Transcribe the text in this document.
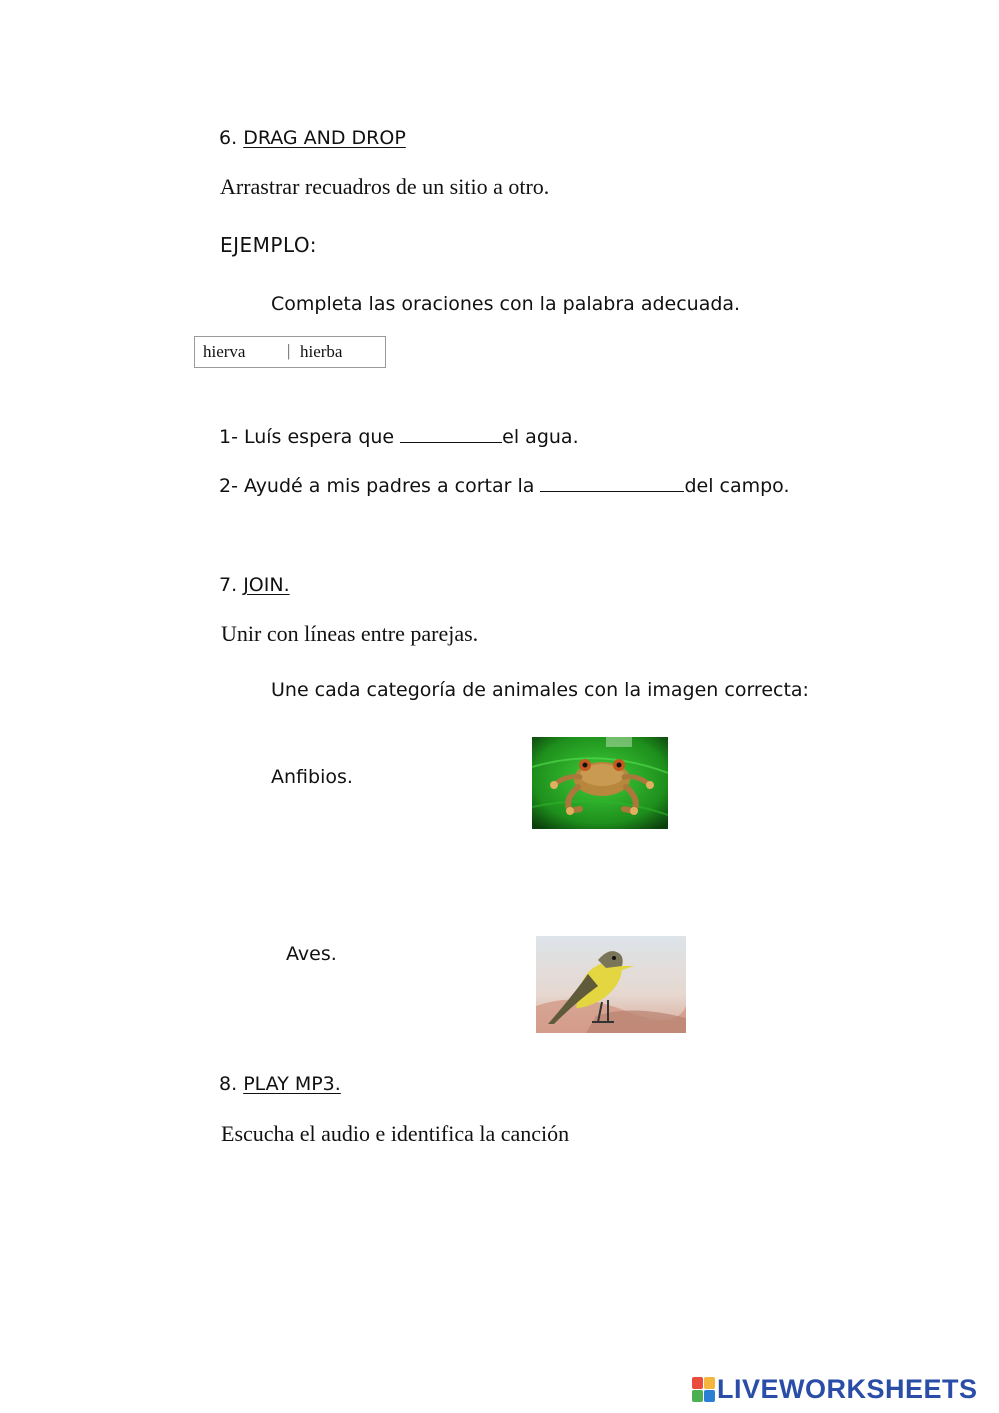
6. DRAG AND DROP
Arrastrar recuadros de un sitio a otro.
EJEMPLO:
Completa las oraciones con la palabra adecuada.
hierva | hierba
1- Luís espera que	el agua.
2- Ayudé a mis padres a cortar la	del campo.
7. JOIN.
Unir con líneas entre parejas.
Une cada categoría de animales con la imagen correcta:
Anfibios.
Aves.
8. PLAY MP3.
Escucha el audio e identifica la canción
LIVEWORKSHEETS
